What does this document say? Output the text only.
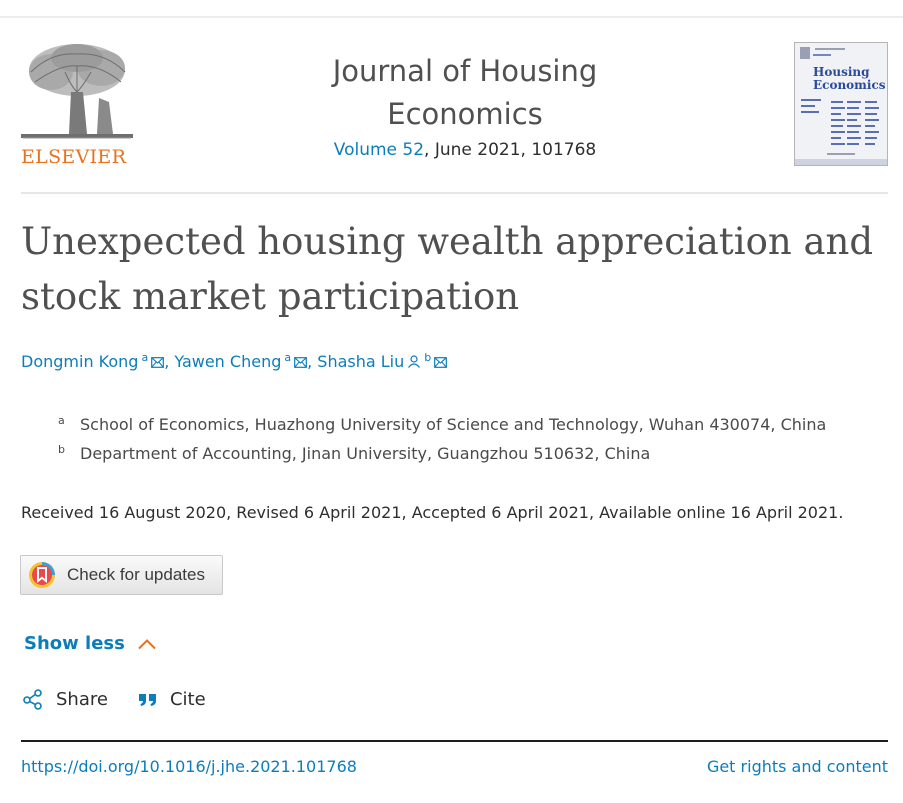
ELSEVIER
Journal of Housing Economics
Volume 52, June 2021, 101768
Housing
Economics
Unexpected housing wealth appreciation and stock market participation
Dongmin Kong $^a$ , Yawen Cheng $^a$ , Shasha Liu $^b$
a School of Economics, Huazhong University of Science and Technology, Wuhan 430074, China
b Department of Accounting, Jinan University, Guangzhou 510632, China
Received 16 August 2020, Revised 6 April 2021, Accepted 6 April 2021, Available online 16 April 2021.
Check for updates
Show less
Share	Cite
https://doi.org/10.1016/j.jhe.2021.101768	Get rights and content
